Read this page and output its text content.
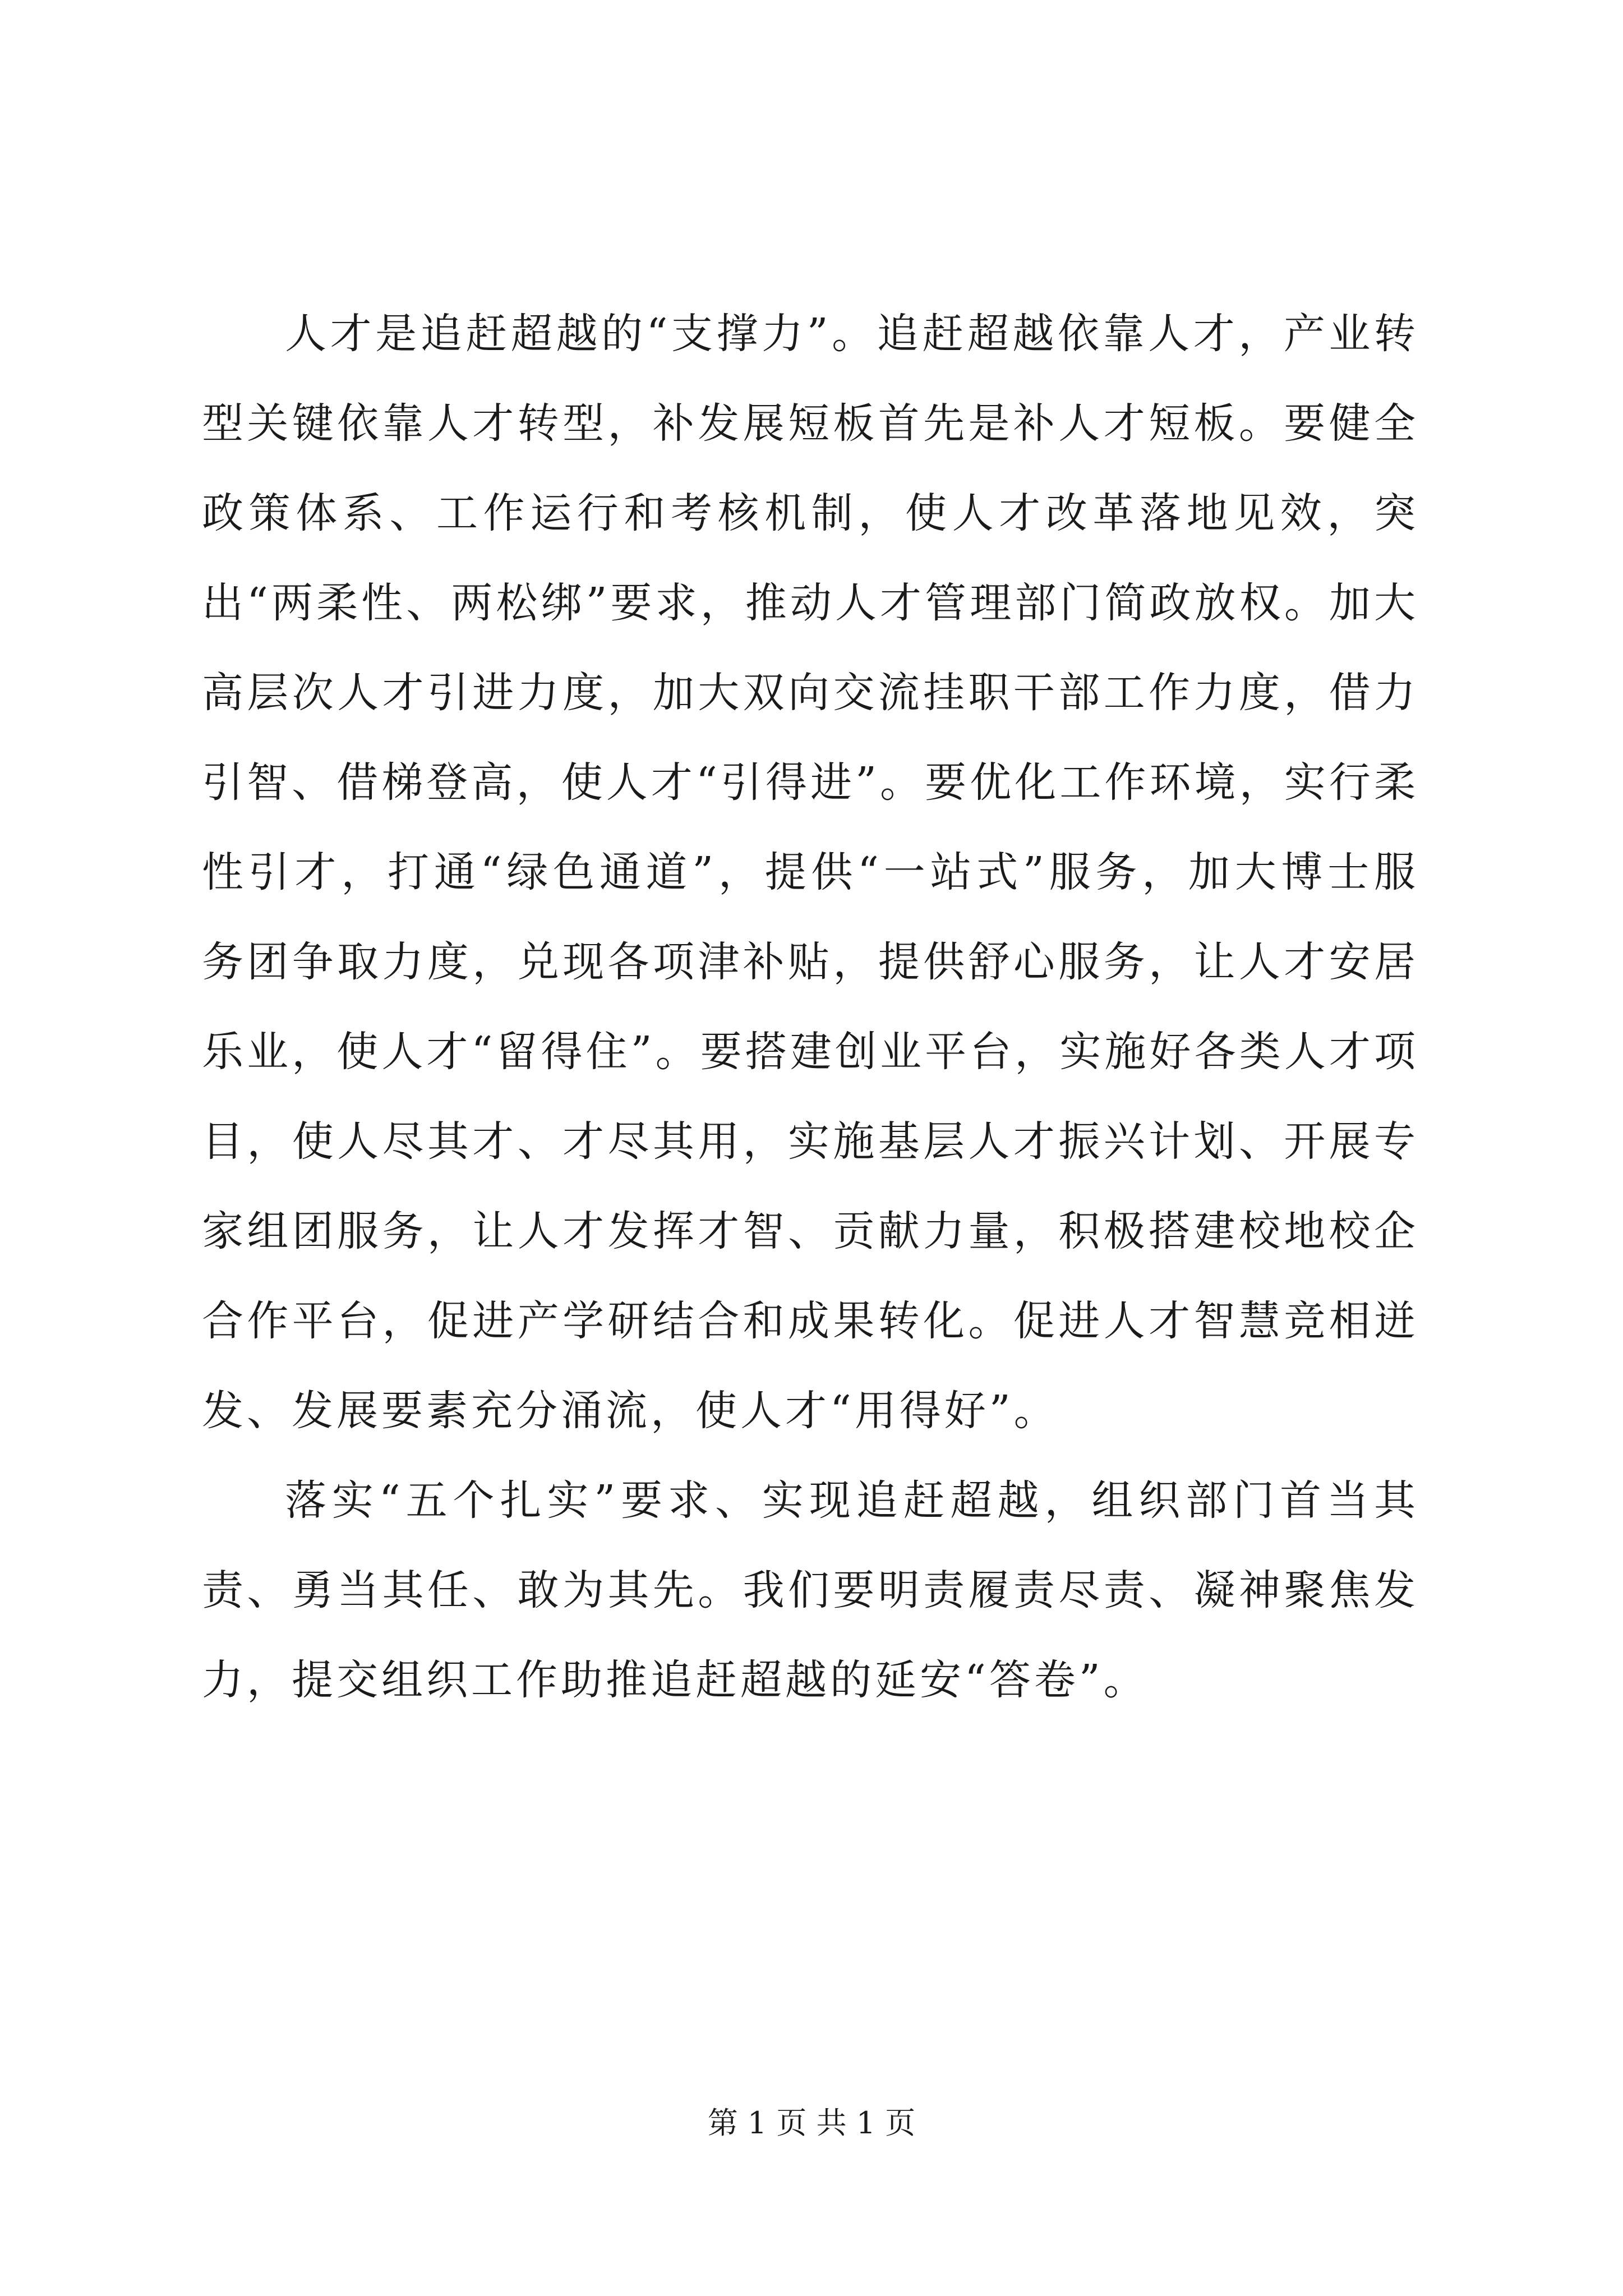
人才是追赶超越的“支撑力”。追赶超越依靠人才，产业转型关键依靠人才转型，补发展短板首先是补人才短板。要健全政策体系、工作运行和考核机制，使人才改革落地见效，突出“两柔性、两松绑”要求，推动人才管理部门简政放权。加大高层次人才引进力度，加大双向交流挂职干部工作力度，借力引智、借梯登高，使人才“引得进”。要优化工作环境，实行柔性引才，打通“绿色通道”，提供“一站式”服务，加大博士服务团争取力度，兑现各项津补贴，提供舒心服务，让人才安居乐业，使人才“留得住”。要搭建创业平台，实施好各类人才项目，使人尽其才、才尽其用，实施基层人才振兴计划、开展专家组团服务，让人才发挥才智、贡献力量，积极搭建校地校企合作平台，促进产学研结合和成果转化。促进人才智慧竞相迸发、发展要素充分涌流，使人才“用得好”。

落实“五个扎实”要求、实现追赶超越，组织部门首当其责、勇当其任、敢为其先。我们要明责履责尽责、凝神聚焦发力，提交组织工作助推追赶超越的延安“答卷”。

第 1 页 共 1 页
